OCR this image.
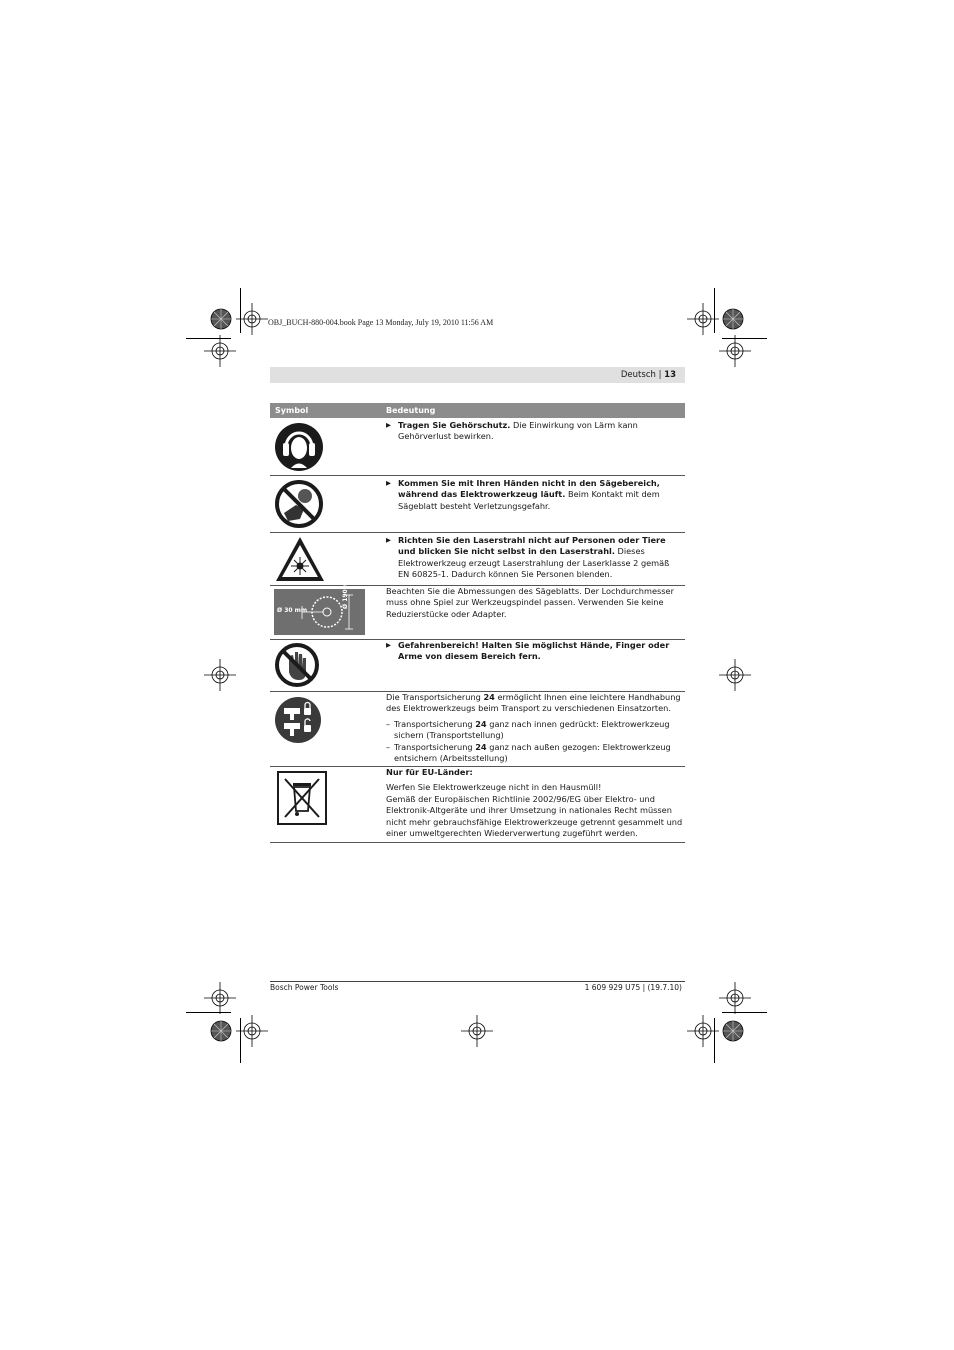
OBJ_BUCH-880-004.book Page 13 Monday, July 19, 2010 11:56 AM
Deutsch | 13
Symbol	Bedeutung
▶ Tragen Sie Gehörschutz. Die Einwirkung von Lärm kann Gehörverlust bewirken.
▶ Kommen Sie mit Ihren Händen nicht in den Sägebereich, während das Elektrowerkzeug läuft. Beim Kontakt mit dem Sägeblatt besteht Verletzungsgefahr.
▶ Richten Sie den Laserstrahl nicht auf Personen oder Tiere und blicken Sie nicht selbst in den Laserstrahl. Dieses Elektrowerkzeug erzeugt Laserstrahlung der Laserklasse 2 gemäß EN 60825-1. Dadurch können Sie Personen blenden.
Ø 30 mm
Ø 190 mm	Beachten Sie die Abmessungen des Sägeblatts. Der Lochdurchmesser muss ohne Spiel zur Werkzeugspindel passen. Verwenden Sie keine Reduzierstücke oder Adapter.
▶ Gefahrenbereich! Halten Sie möglichst Hände, Finger oder Arme von diesem Bereich fern.
Die Transportsicherung 24 ermöglicht Ihnen eine leichtere Handhabung des Elektrowerkzeugs beim Transport zu verschiedenen Einsatzorten.
– Transportsicherung 24 ganz nach innen gedrückt: Elektrowerkzeug sichern (Transportstellung)
– Transportsicherung 24 ganz nach außen gezogen: Elektrowerkzeug entsichern (Arbeitsstellung)
Nur für EU-Länder:
Werfen Sie Elektrowerkzeuge nicht in den Hausmüll!
Gemäß der Europäischen Richtlinie 2002/96/EG über Elektro- und Elektronik-Altgeräte und ihrer Umsetzung in nationales Recht müssen nicht mehr gebrauchsfähige Elektrowerkzeuge getrennt gesammelt und einer umweltgerechten Wiederverwertung zugeführt werden.
Bosch Power Tools	1 609 929 U75 | (19.7.10)
